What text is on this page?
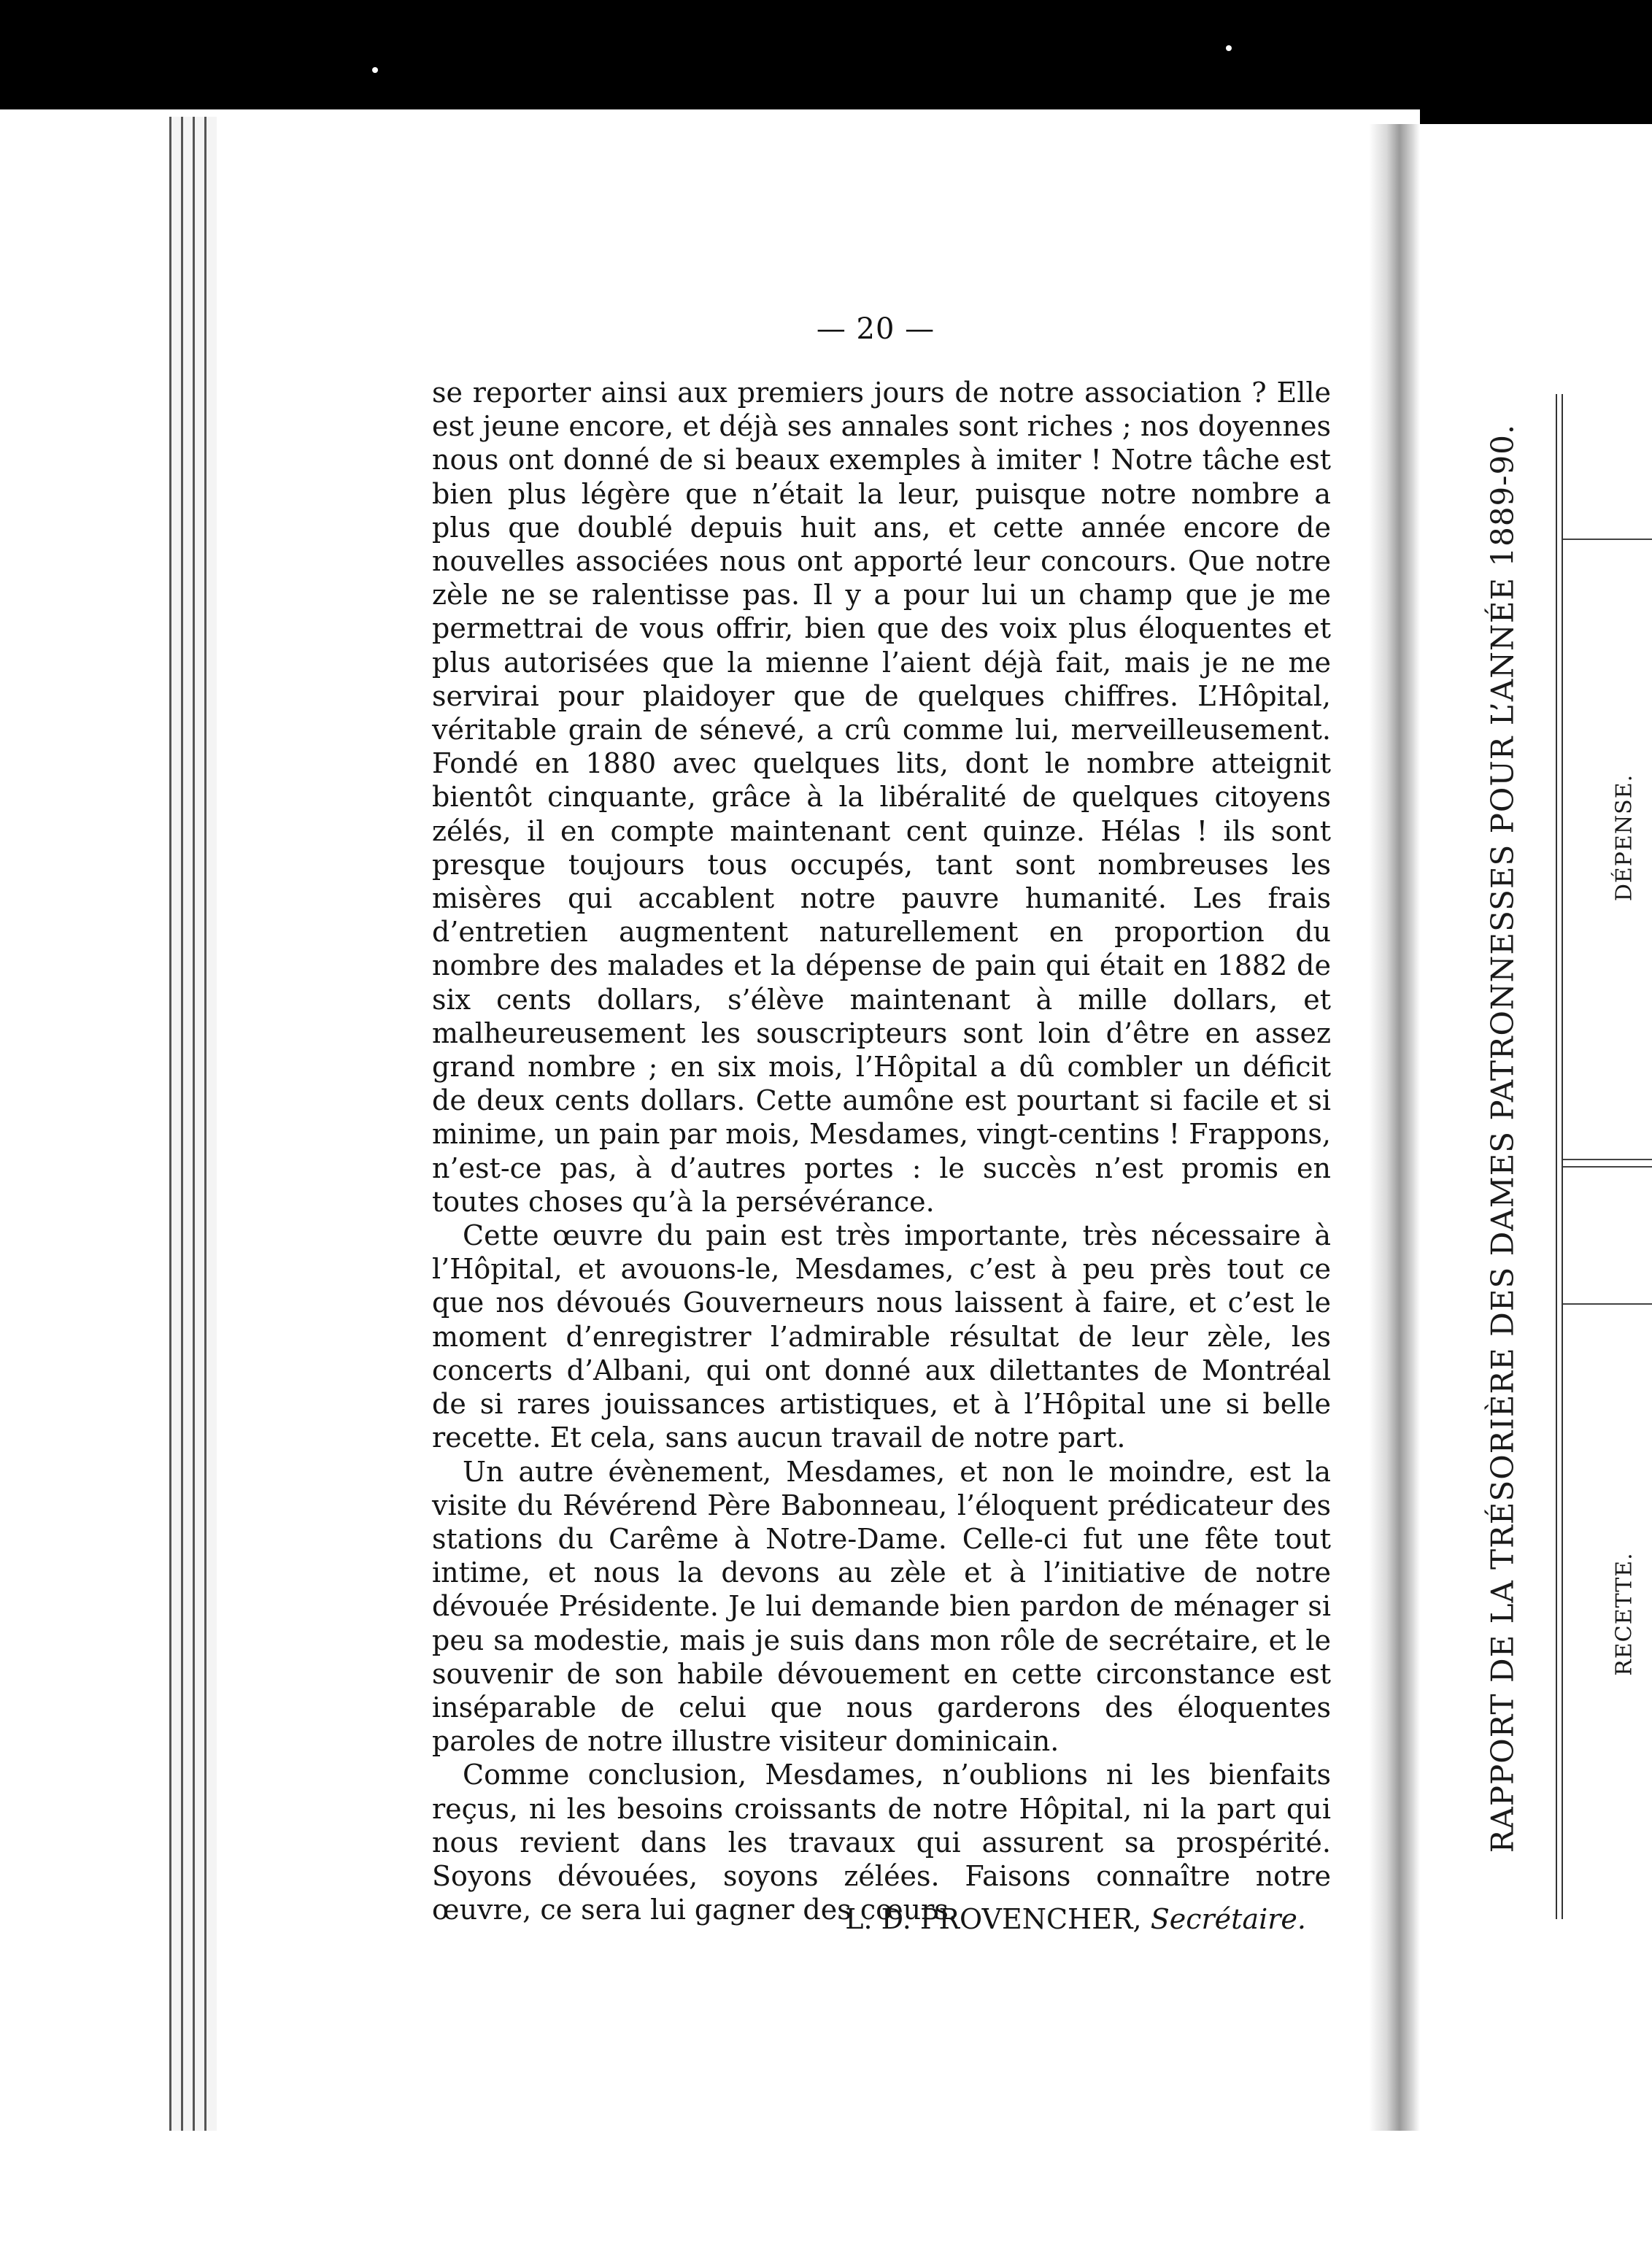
— 20 —

se reporter ainsi aux premiers jours de notre association ? Elle est jeune encore, et déjà ses annales sont riches ; nos doyennes nous ont donné de si beaux exemples à imiter ! Notre tâche est bien plus légère que n’était la leur, puisque notre nombre a plus que doublé depuis huit ans, et cette année encore de nouvelles associées nous ont apporté leur concours. Que notre zèle ne se ralentisse pas. Il y a pour lui un champ que je me permettrai de vous offrir, bien que des voix plus éloquentes et plus autorisées que la mienne l’aient déjà fait, mais je ne me servirai pour plaidoyer que de quelques chiffres. L’Hôpital, véritable grain de sénevé, a crû comme lui, merveilleusement. Fondé en 1880 avec quelques lits, dont le nombre atteignit bientôt cinquante, grâce à la libéralité de quelques citoyens zélés, il en compte maintenant cent quinze. Hélas ! ils sont presque toujours tous occupés, tant sont nombreuses les misères qui accablent notre pauvre humanité. Les frais d’entretien augmentent naturellement en proportion du nombre des malades et la dépense de pain qui était en 1882 de six cents dollars, s’élève maintenant à mille dollars, et malheureusement les souscripteurs sont loin d’être en assez grand nombre ; en six mois, l’Hôpital a dû combler un déficit de deux cents dollars. Cette aumône est pourtant si facile et si minime, un pain par mois, Mesdames, vingt-centins ! Frappons, n’est-ce pas, à d’autres portes : le succès n’est promis en toutes choses qu’à la persévérance.

Cette œuvre du pain est très importante, très nécessaire à l’Hôpital, et avouons-le, Mesdames, c’est à peu près tout ce que nos dévoués Gouverneurs nous laissent à faire, et c’est le moment d’enregistrer l’admirable résultat de leur zèle, les concerts d’Albani, qui ont donné aux dilettantes de Montréal de si rares jouissances artistiques, et à l’Hôpital une si belle recette. Et cela, sans aucun travail de notre part.

Un autre évènement, Mesdames, et non le moindre, est la visite du Révérend Père Babonneau, l’éloquent prédicateur des stations du Carême à Notre-Dame. Celle-ci fut une fête tout intime, et nous la devons au zèle et à l’initiative de notre dévouée Présidente. Je lui demande bien pardon de ménager si peu sa modestie, mais je suis dans mon rôle de secrétaire, et le souvenir de son habile dévouement en cette circonstance est inséparable de celui que nous garderons des éloquentes paroles de notre illustre visiteur dominicain.

Comme conclusion, Mesdames, n’oublions ni les bienfaits reçus, ni les besoins croissants de notre Hôpital, ni la part qui nous revient dans les travaux qui assurent sa prospérité. Soyons dévouées, soyons zélées. Faisons connaître notre œuvre, ce sera lui gagner des cœurs.

L. D. PROVENCHER, Secrétaire.
RAPPORT DE LA TRÉSORIÈRE DES DAMES PATRONNESSES POUR L’ANNÉE 1889-90.	DÉPENSE.
RECETTE.
